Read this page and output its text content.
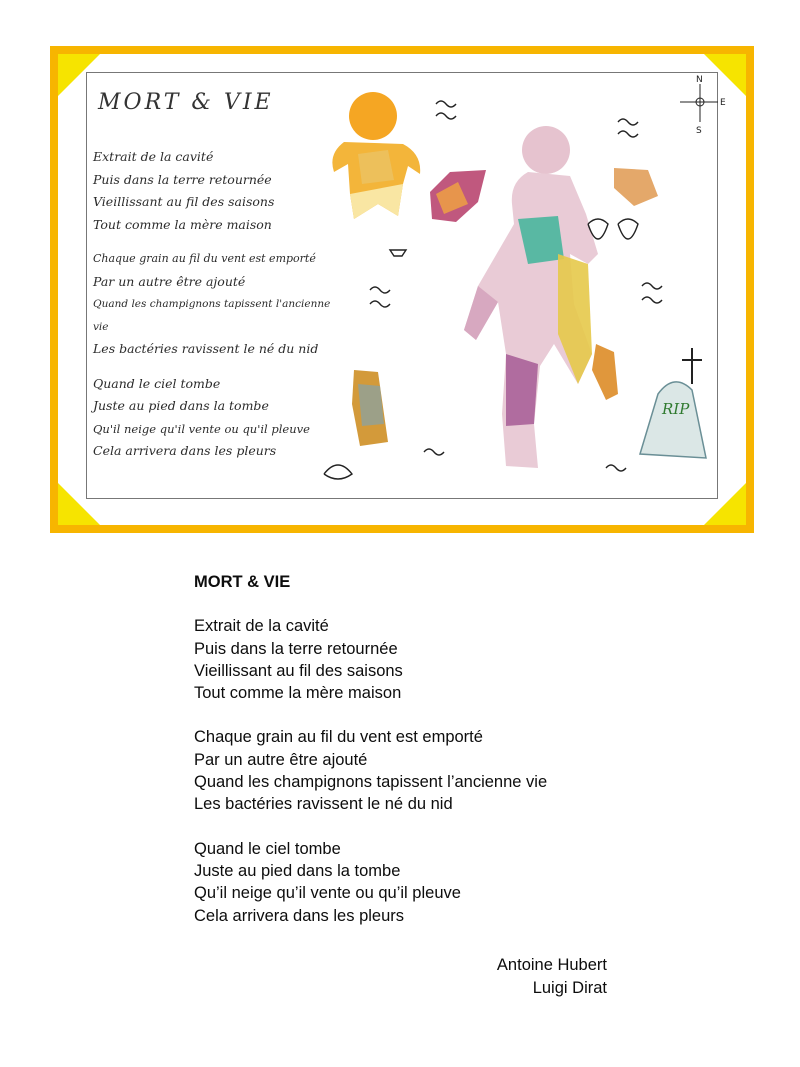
MORT & VIE
Extrait de la cavité
Puis dans la terre retournée
Vieillissant au fil des saisons
Tout comme la mère maison
Chaque grain au fil du vent est emporté
Par un autre être ajouté
Quand les champignons tapissent l'ancienne vie
Les bactéries ravissent le né du nid
Quand le ciel tombe
Juste au pied dans la tombe
Qu'il neige qu'il vente ou qu'il pleuve
Cela arrivera dans les pleurs
RIP
N
E
S
MORT & VIE
Extrait de la cavité
Puis dans la terre retournée
Vieillissant au fil des saisons
Tout comme la mère maison
Chaque grain au fil du vent est emporté
Par un autre être ajouté
Quand les champignons tapissent l’ancienne vie
Les bactéries ravissent le né du nid
Quand le ciel tombe
Juste au pied dans la tombe
Qu’il neige qu’il vente ou qu’il pleuve
Cela arrivera dans les pleurs
Antoine Hubert
Luigi Dirat
